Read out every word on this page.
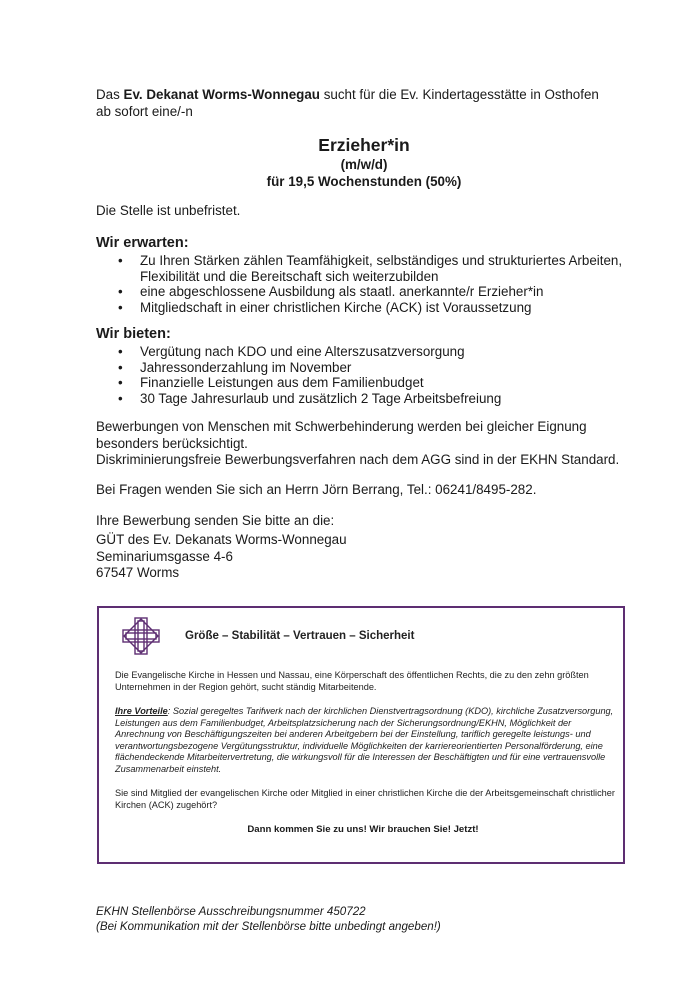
Das Ev. Dekanat Worms-Wonnegau sucht für die Ev. Kindertagesstätte in Osthofen ab sofort eine/-n
Erzieher*in
(m/w/d)
für 19,5 Wochenstunden (50%)
Die Stelle ist unbefristet.
Wir erwarten:
• Zu Ihren Stärken zählen Teamfähigkeit, selbständiges und strukturiertes Arbeiten, Flexibilität und die Bereitschaft sich weiterzubilden
• eine abgeschlossene Ausbildung als staatl. anerkannte/r Erzieher*in
• Mitgliedschaft in einer christlichen Kirche (ACK) ist Voraussetzung
Wir bieten:
• Vergütung nach KDO und eine Alterszusatzversorgung
• Jahressonderzahlung im November
• Finanzielle Leistungen aus dem Familienbudget
• 30 Tage Jahresurlaub und zusätzlich 2 Tage Arbeitsbefreiung
Bewerbungen von Menschen mit Schwerbehinderung werden bei gleicher Eignung besonders berücksichtigt.
Diskriminierungsfreie Bewerbungsverfahren nach dem AGG sind in der EKHN Standard.
Bei Fragen wenden Sie sich an Herrn Jörn Berrang, Tel.: 06241/8495-282.
Ihre Bewerbung senden Sie bitte an die:
GÜT des Ev. Dekanats Worms-Wonnegau
Seminariumsgasse 4-6
67547 Worms
Größe – Stabilität – Vertrauen – Sicherheit
Die Evangelische Kirche in Hessen und Nassau, eine Körperschaft des öffentlichen Rechts, die zu den zehn größten Unternehmen in der Region gehört, sucht ständig Mitarbeitende.
Ihre Vorteile: Sozial geregeltes Tarifwerk nach der kirchlichen Dienstvertragsordnung (KDO), kirchliche Zusatzversorgung, Leistungen aus dem Familienbudget, Arbeitsplatzsicherung nach der Sicherungsordnung/EKHN, Möglichkeit der Anrechnung von Beschäftigungszeiten bei anderen Arbeitgebern bei der Einstellung, tariflich geregelte leistungs- und verantwortungsbezogene Vergütungsstruktur, individuelle Möglichkeiten der karriereorientierten Personalförderung, eine flächendeckende Mitarbeitervertretung, die wirkungsvoll für die Interessen der Beschäftigten und für eine vertrauensvolle Zusammenarbeit einsteht.
Sie sind Mitglied der evangelischen Kirche oder Mitglied in einer christlichen Kirche die der Arbeitsgemeinschaft christlicher Kirchen (ACK) zugehört?
Dann kommen Sie zu uns! Wir brauchen Sie! Jetzt!
EKHN Stellenbörse Ausschreibungsnummer 450722
(Bei Kommunikation mit der Stellenbörse bitte unbedingt angeben!)
